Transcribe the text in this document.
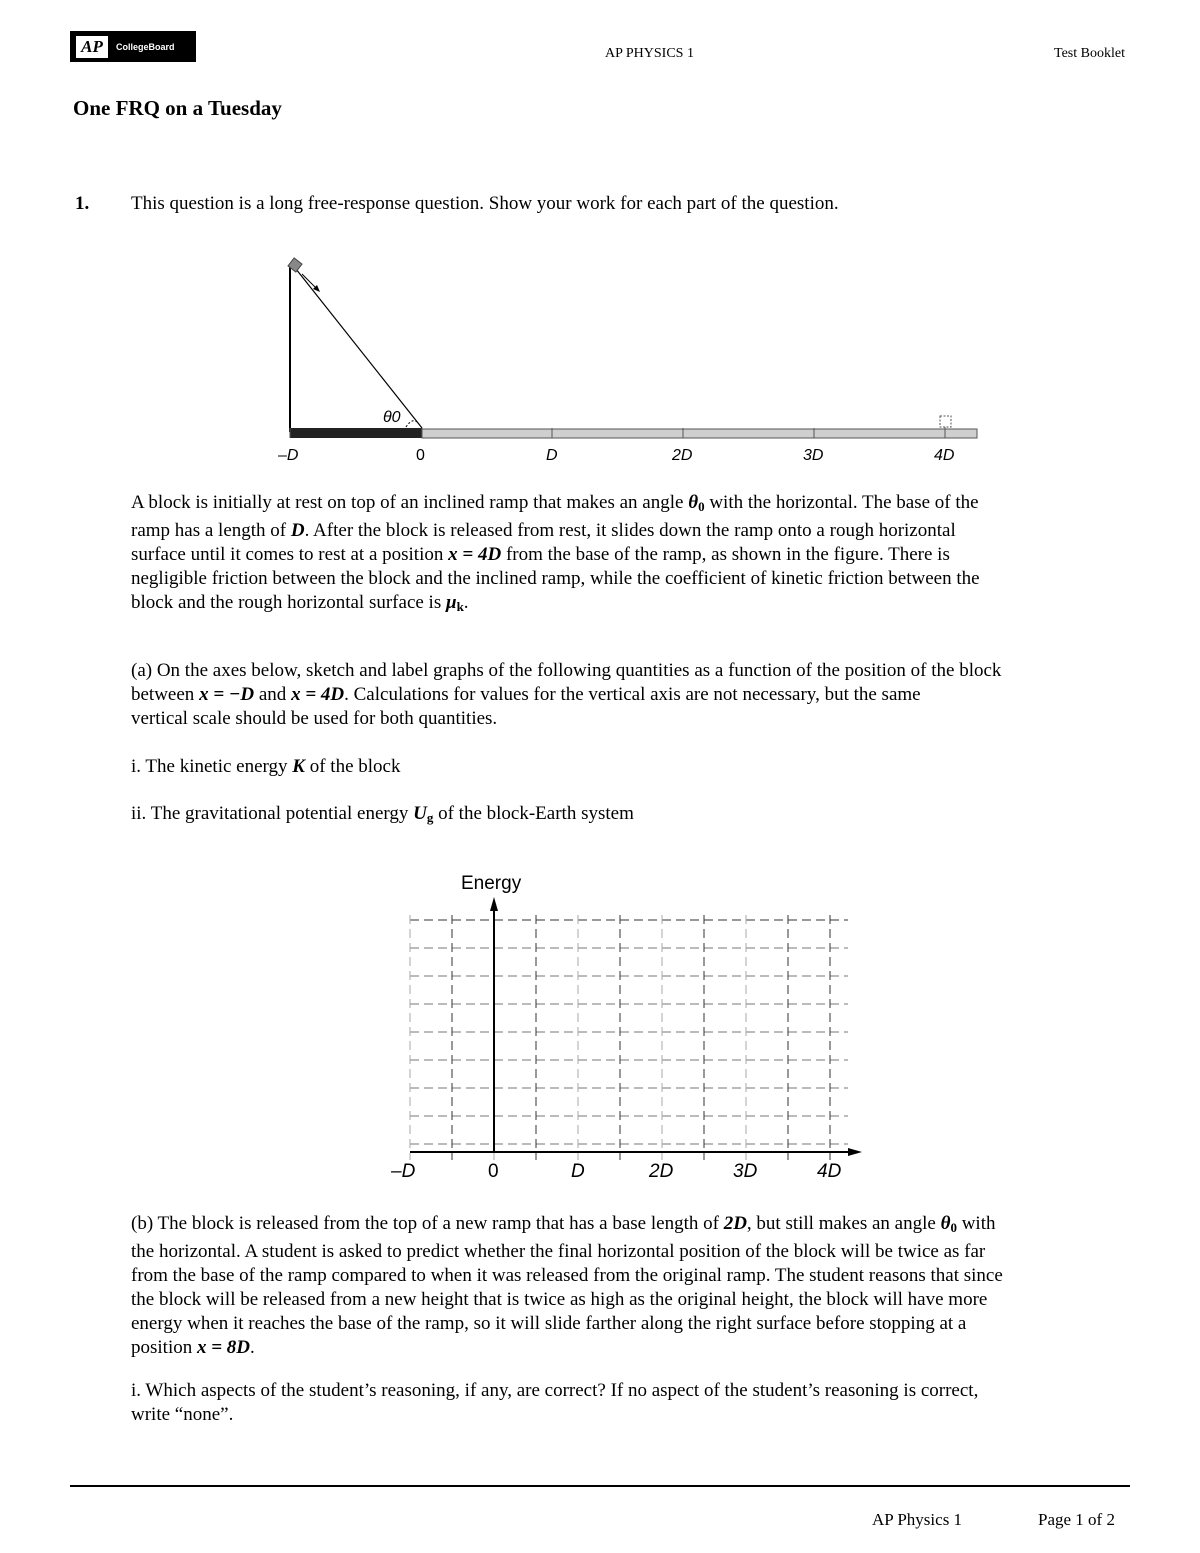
AP	CollegeBoard	AP PHYSICS 1	Test Booklet
One FRQ on a Tuesday
1. This question is a long free-response question. Show your work for each part of the question.
θ0
–D	0	D	2D	3D	4D

A block is initially at rest on top of an inclined ramp that makes an angle $\theta_0$ with the horizontal. The base of the

ramp has a length of D. After the block is released from rest, it slides down the ramp onto a rough horizontal

surface until it comes to rest at a position x = 4D from the base of the ramp, as shown in the figure. There is

negligible friction between the block and the inclined ramp, while the coefficient of kinetic friction between the

block and the rough horizontal surface is $\mu_k$.

(a) On the axes below, sketch and label graphs of the following quantities as a function of the position of the block

between x = −D and x = 4D. Calculations for values for the vertical axis are not necessary, but the same

vertical scale should be used for both quantities.

i. The kinetic energy K of the block
ii. The gravitational potential energy $U_g$ of the block-Earth system
Energy
–D	0	D	2D	3D	4D

(b) The block is released from the top of a new ramp that has a base length of 2D, but still makes an angle $\theta_0$ with

the horizontal. A student is asked to predict whether the final horizontal position of the block will be twice as far

from the base of the ramp compared to when it was released from the original ramp. The student reasons that since

the block will be released from a new height that is twice as high as the original height, the block will have more

energy when it reaches the base of the ramp, so it will slide farther along the right surface before stopping at a

position x = 8D.

i. Which aspects of the student’s reasoning, if any, are correct? If no aspect of the student’s reasoning is correct,

write “none”.

AP Physics 1	Page 1 of 2
